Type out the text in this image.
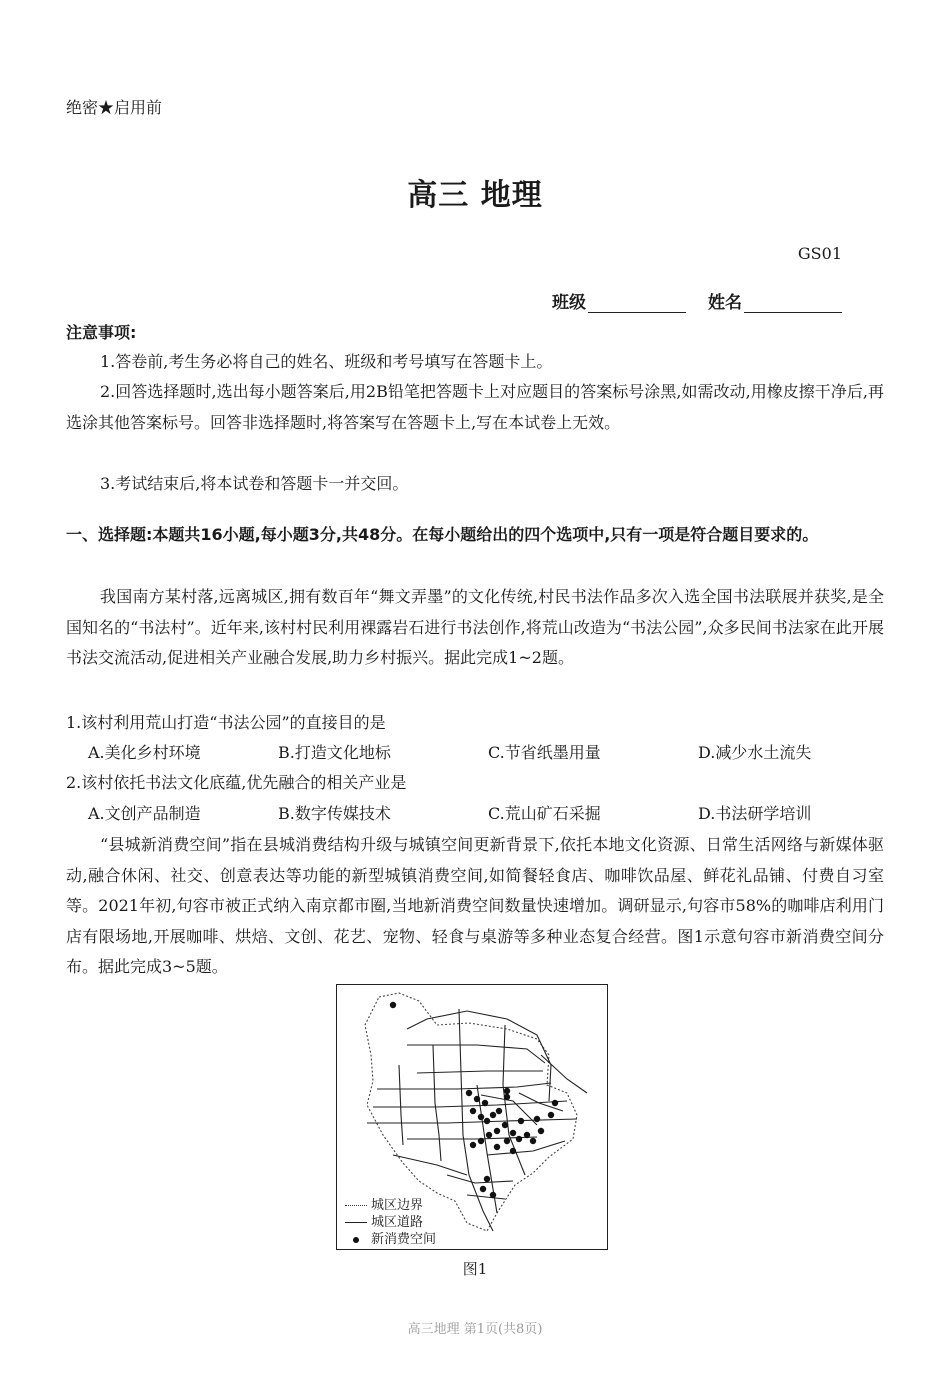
绝密★启用前
高三 地理
GS01
班级	姓名
注意事项:
1.答卷前,考生务必将自己的姓名、班级和考号填写在答题卡上。
2.回答选择题时,选出每小题答案后,用2B铅笔把答题卡上对应题目的答案标号涂黑,如需改动,用橡皮擦干净后,再选涂其他答案标号。回答非选择题时,将答案写在答题卡上,写在本试卷上无效。
3.考试结束后,将本试卷和答题卡一并交回。
一、选择题:本题共16小题,每小题3分,共48分。在每小题给出的四个选项中,只有一项是符合题目要求的。
我国南方某村落,远离城区,拥有数百年“舞文弄墨”的文化传统,村民书法作品多次入选全国书法联展并获奖,是全国知名的“书法村”。近年来,该村村民利用裸露岩石进行书法创作,将荒山改造为“书法公园”,众多民间书法家在此开展书法交流活动,促进相关产业融合发展,助力乡村振兴。据此完成1~2题。
1.该村利用荒山打造“书法公园”的直接目的是
A.美化乡村环境	B.打造文化地标	C.节省纸墨用量	D.减少水土流失
2.该村依托书法文化底蕴,优先融合的相关产业是
A.文创产品制造	B.数字传媒技术	C.荒山矿石采掘	D.书法研学培训
“县城新消费空间”指在县城消费结构升级与城镇空间更新背景下,依托本地文化资源、日常生活网络与新媒体驱动,融合休闲、社交、创意表达等功能的新型城镇消费空间,如简餐轻食店、咖啡饮品屋、鲜花礼品铺、付费自习室等。2021年初,句容市被正式纳入南京都市圈,当地新消费空间数量快速增加。调研显示,句容市58%的咖啡店利用门店有限场地,开展咖啡、烘焙、文创、花艺、宠物、轻食与桌游等多种业态复合经营。图1示意句容市新消费空间分布。据此完成3~5题。
城区边界
城区道路
新消费空间
图1
高三地理 第1页(共8页)
